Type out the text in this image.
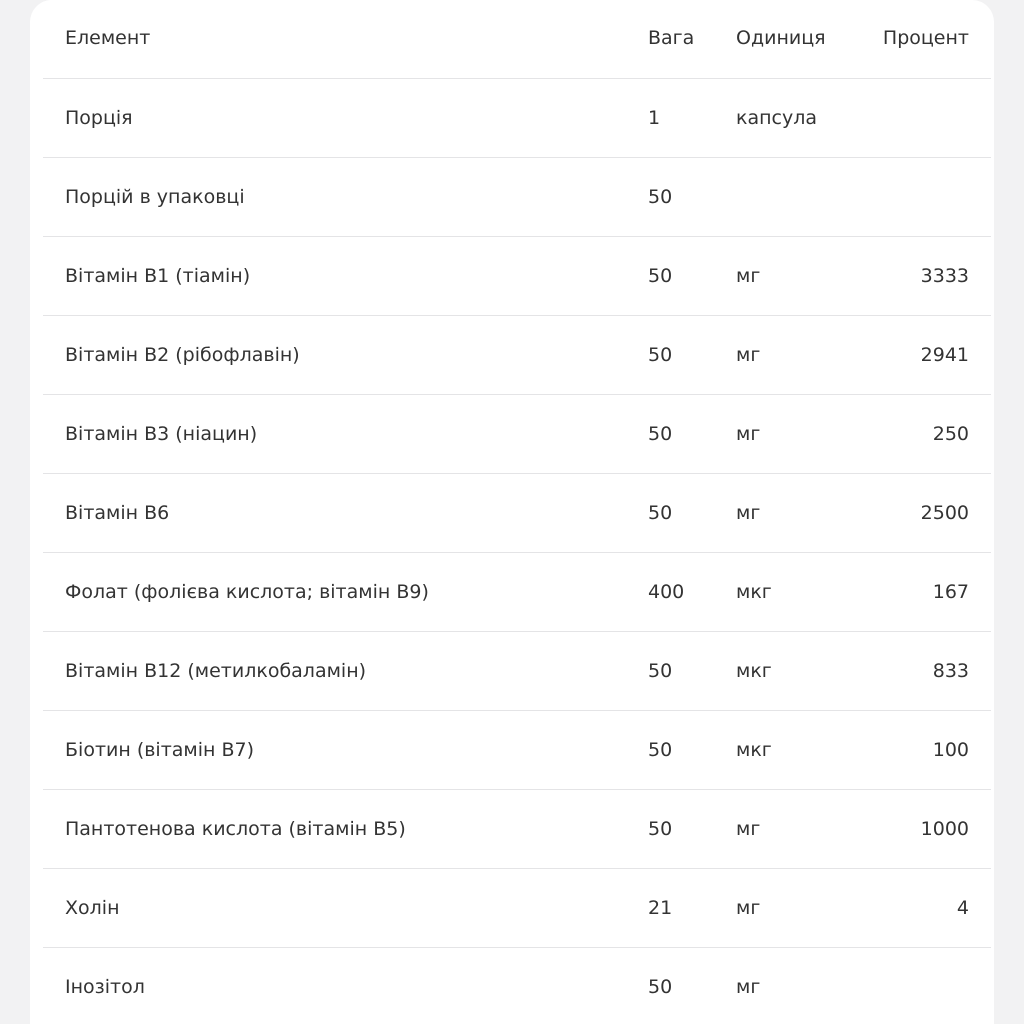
Елемент	Вага	Одиниця	Процент
Порція	1	капсула	
Порцій в упаковці	50		
Вітамін B1 (тіамін)	50	мг	3333
Вітамін B2 (рібофлавін)	50	мг	2941
Вітамін B3 (ніацин)	50	мг	250
Вітамін B6	50	мг	2500
Фолат (фолієва кислота; вітамін B9)	400	мкг	167
Вітамін B12 (метилкобаламін)	50	мкг	833
Біотин (вітамін B7)	50	мкг	100
Пантотенова кислота (вітамін B5)	50	мг	1000
Холін	21	мг	4
Інозітол	50	мг	
